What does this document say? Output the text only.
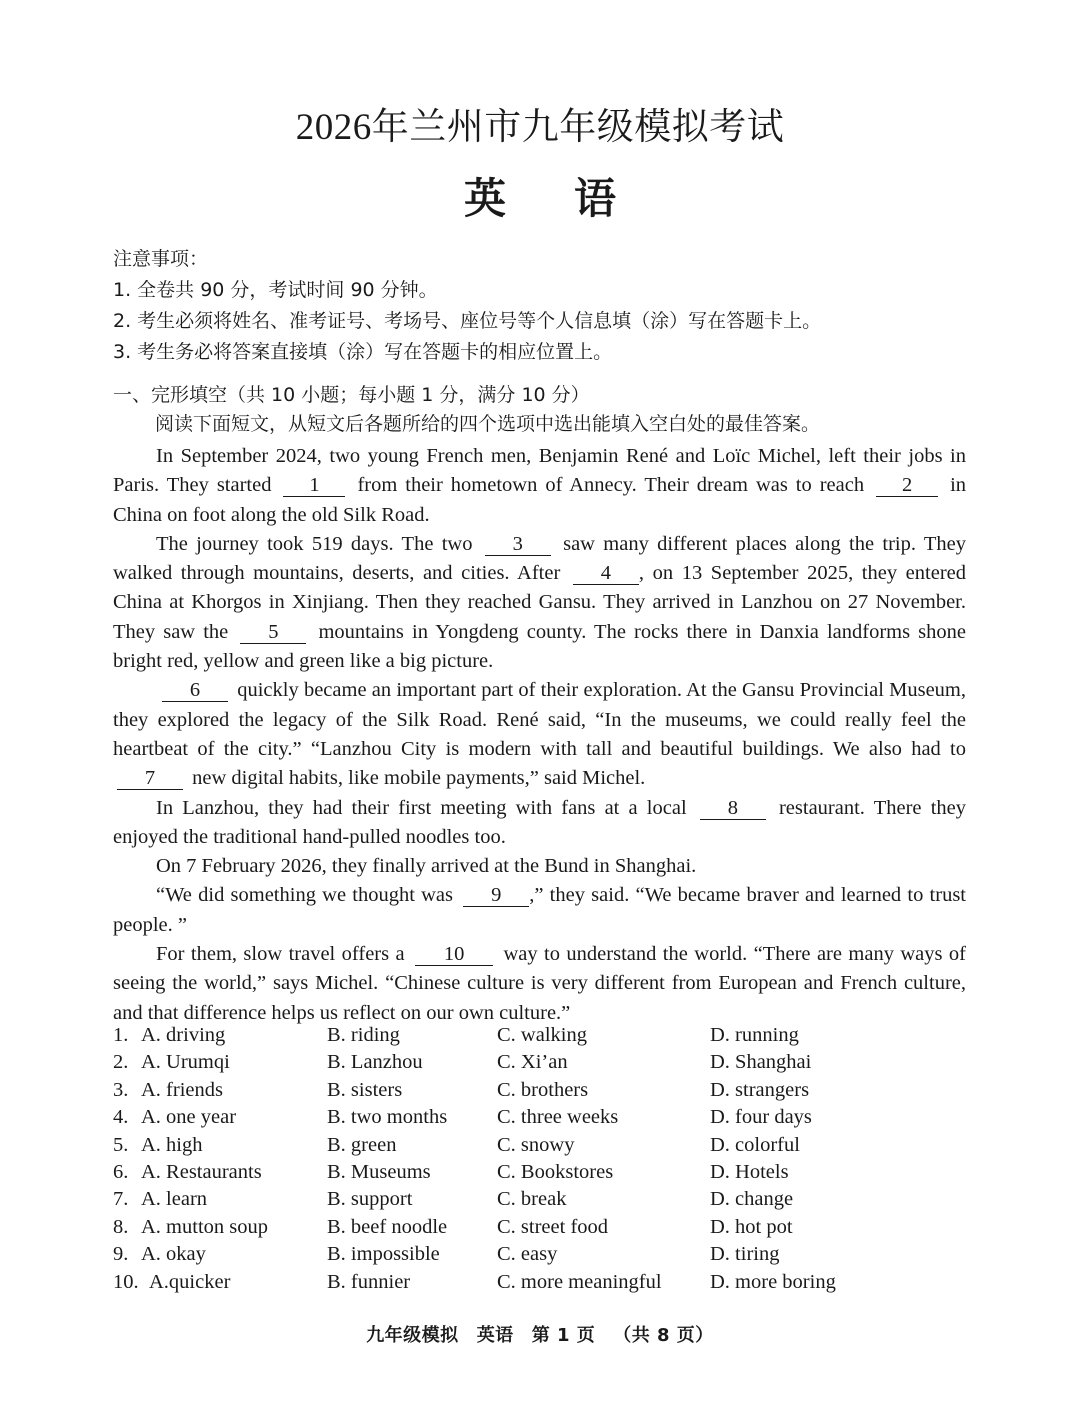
2026年兰州市九年级模拟考试
英 语
注意事项：
1. 全卷共 90 分，考试时间 90 分钟。
2. 考生必须将姓名、准考证号、考场号、座位号等个人信息填（涂）写在答题卡上。
3. 考生务必将答案直接填（涂）写在答题卡的相应位置上。
一、完形填空（共 10 小题；每小题 1 分，满分 10 分）
阅读下面短文，从短文后各题所给的四个选项中选出能填入空白处的最佳答案。

In September 2024, two young French men, Benjamin René and Loïc Michel, left their jobs in Paris. They started 1 from their hometown of Annecy. Their dream was to reach 2 in China on foot along the old Silk Road.

The journey took 519 days. The two 3 saw many different places along the trip. They walked through mountains, deserts, and cities. After 4 , on 13 September 2025, they entered China at Khorgos in Xinjiang. Then they reached Gansu. They arrived in Lanzhou on 27 November. They saw the 5 mountains in Yongdeng county. The rocks there in Danxia landforms shone bright red, yellow and green like a big picture.

6 quickly became an important part of their exploration. At the Gansu Provincial Museum, they explored the legacy of the Silk Road. René said, “In the museums, we could really feel the heartbeat of the city.” “Lanzhou City is modern with tall and beautiful buildings. We also had to 7 new digital habits, like mobile payments,” said Michel.

In Lanzhou, they had their first meeting with fans at a local 8 restaurant. There they enjoyed the traditional hand-pulled noodles too.

On 7 February 2026, they finally arrived at the Bund in Shanghai.

“We did something we thought was 9 ,” they said. “We became braver and learned to trust people. ”

For them, slow travel offers a 10 way to understand the world. “There are many ways of seeing the world,” says Michel. “Chinese culture is very different from European and French culture, and that difference helps us reflect on our own culture.”

1. A. driving	B. riding	C. walking	D. running
2. A. Urumqi	B. Lanzhou	C. Xi’an	D. Shanghai
3. A. friends	B. sisters	C. brothers	D. strangers
4. A. one year	B. two months C. three weeks	D. four days
5. A. high	B. green	C. snowy	D. colorful
6. A. Restaurants	B. Museums	C. Bookstores	D. Hotels
7. A. learn	B. support	C. break	D. change
8. A. mutton soup	B. beef noodle C. street food	D. hot pot
9. A. okay	B. impossible	C. easy	D. tiring
10. A.quicker	B. funnier	C. more meaningful D. more boring
九年级模拟 英语 第 1 页 （共 8 页）
